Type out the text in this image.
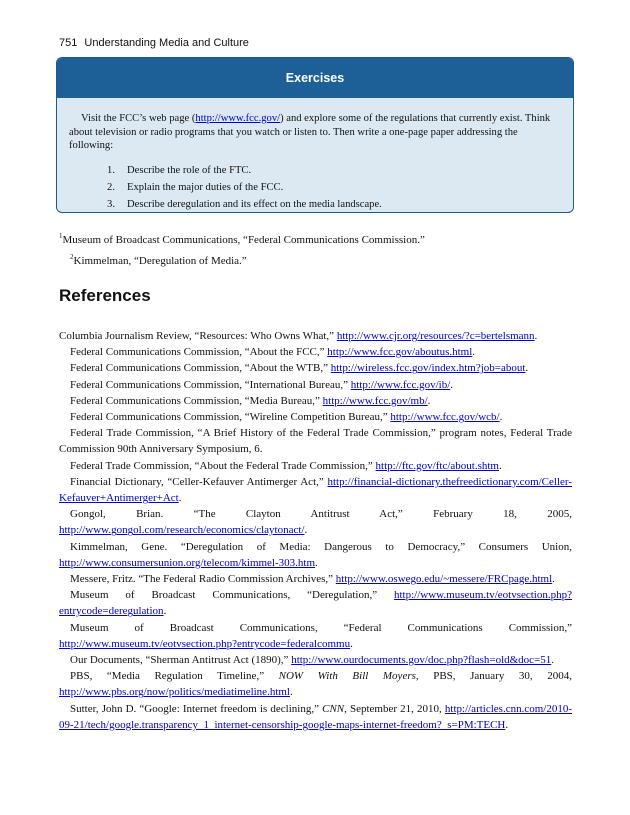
751 Understanding Media and Culture
Exercises

Visit the FCC’s web page (http://www.fcc.gov/) and explore some of the regulations that currently exist. Think about television or radio programs that you watch or listen to. Then write a one-page paper addressing the following:

1.	Describe the role of the FTC.
2.	Explain the major duties of the FCC.
3.	Describe deregulation and its effect on the media landscape.
$^1$Museum of Broadcast Communications, “Federal Communications Commission.”
$^2$Kimmelman, “Deregulation of Media.”
References

Columbia Journalism Review, “Resources: Who Owns What,” http://www.cjr.org/resources/?c=bertelsmann.

Federal Communications Commission, “About the FCC,” http://www.fcc.gov/aboutus.html.

Federal Communications Commission, “About the WTB,” http://wireless.fcc.gov/index.htm?job=about.

Federal Communications Commission, “International Bureau,” http://www.fcc.gov/ib/.

Federal Communications Commission, “Media Bureau,” http://www.fcc.gov/mb/.

Federal Communications Commission, “Wireline Competition Bureau,” http://www.fcc.gov/wcb/.

Federal Trade Commission, “A Brief History of the Federal Trade Commission,” program notes, Federal Trade Commission 90th Anniversary Symposium, 6.

Federal Trade Commission, “About the Federal Trade Commission,” http://ftc.gov/ftc/about.shtm.

Financial Dictionary, “Celler-Kefauver Antimerger Act,” http://financial-dictionary.thefreedictionary.com/Celler-Kefauver+Antimerger+Act.

Gongol, Brian. “The Clayton Antitrust Act,” February 18, 2005, http://www.gongol.com/research/economics/claytonact/.

Kimmelman, Gene. “Deregulation of Media: Dangerous to Democracy,” Consumers Union, http://www.consumersunion.org/telecom/kimmel-303.htm.

Messere, Fritz. “The Federal Radio Commission Archives,” http://www.oswego.edu/~messere/FRCpage.html.

Museum of Broadcast Communications, “Deregulation,” http://www.museum.tv/eotvsection.php?entrycode=deregulation.

Museum of Broadcast Communications, “Federal Communications Commission,” http://www.museum.tv/eotvsection.php?entrycode=federalcommu.

Our Documents, “Sherman Antitrust Act (1890),” http://www.ourdocuments.gov/doc.php?flash=old&doc=51.

PBS, “Media Regulation Timeline,” NOW With Bill Moyers, PBS, January 30, 2004, http://www.pbs.org/now/politics/mediatimeline.html.

Sutter, John D. “Google: Internet freedom is declining,” CNN, September 21, 2010, http://articles.cnn.com/2010-09-21/tech/google.transparency_1_internet-censorship-google-maps-internet-freedom?_s=PM:TECH.
